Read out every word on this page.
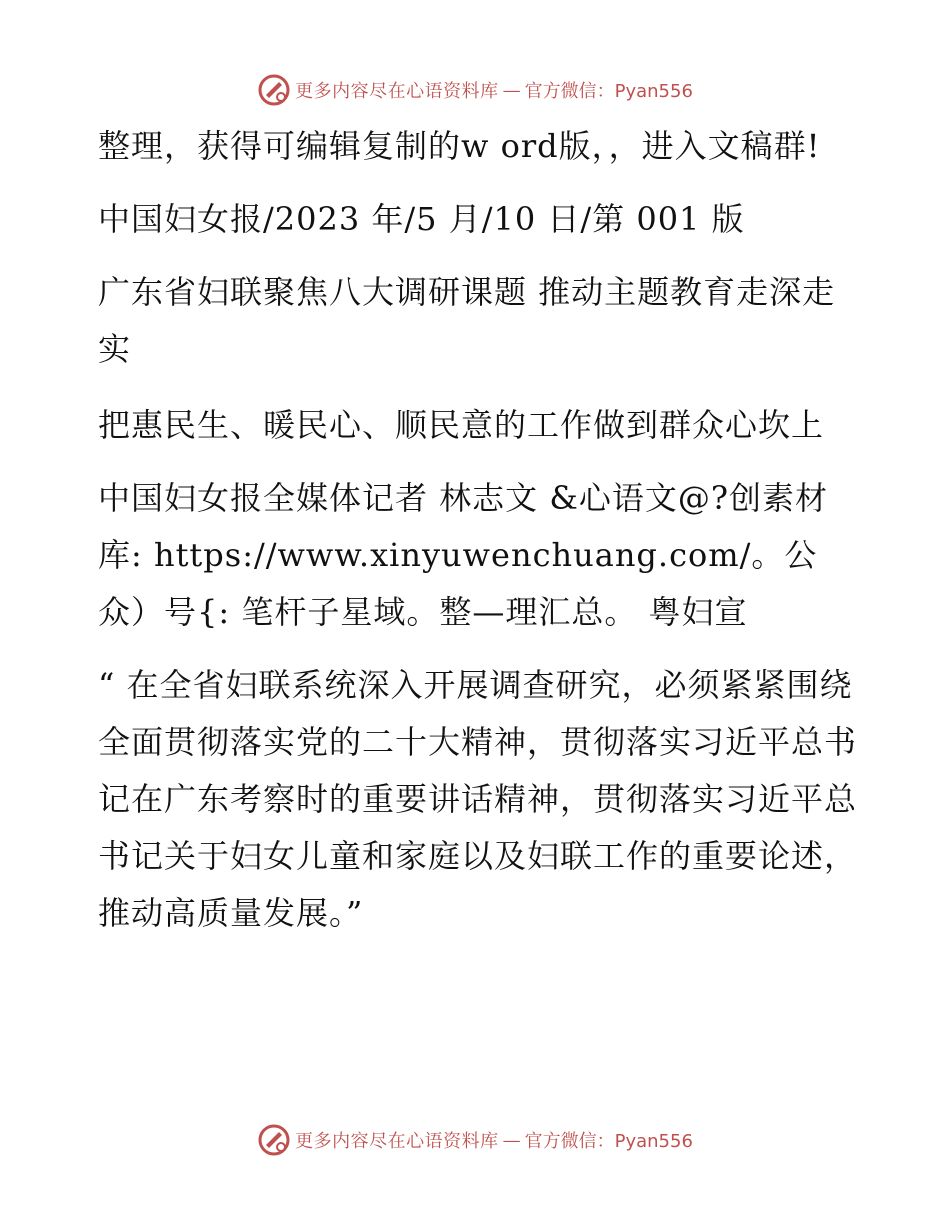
更多内容尽在心语资料库 — 官方微信：Pyan556

整理，获得可编辑复制的w ord版，，进入文稿群!

中国妇女报/2023 年/5 月/10 日/第 001 版

广东省妇联聚焦八大调研课题 推动主题教育走深走实

把惠民生、暖民心、顺民意的工作做到群众心坎上

中国妇女报全媒体记者 林志文 &心语文@?创素材库: https://www.xinyuwenchuang.com/。公众）号{: 笔杆子星域。整—理汇总。 粤妇宣

“ 在全省妇联系统深入开展调查研究，必须紧紧围绕全面贯彻落实党的二十大精神，贯彻落实习近平总书记在广东考察时的重要讲话精神，贯彻落实习近平总书记关于妇女儿童和家庭以及妇联工作的重要论述，推动高质量发展。”

更多内容尽在心语资料库 — 官方微信：Pyan556
